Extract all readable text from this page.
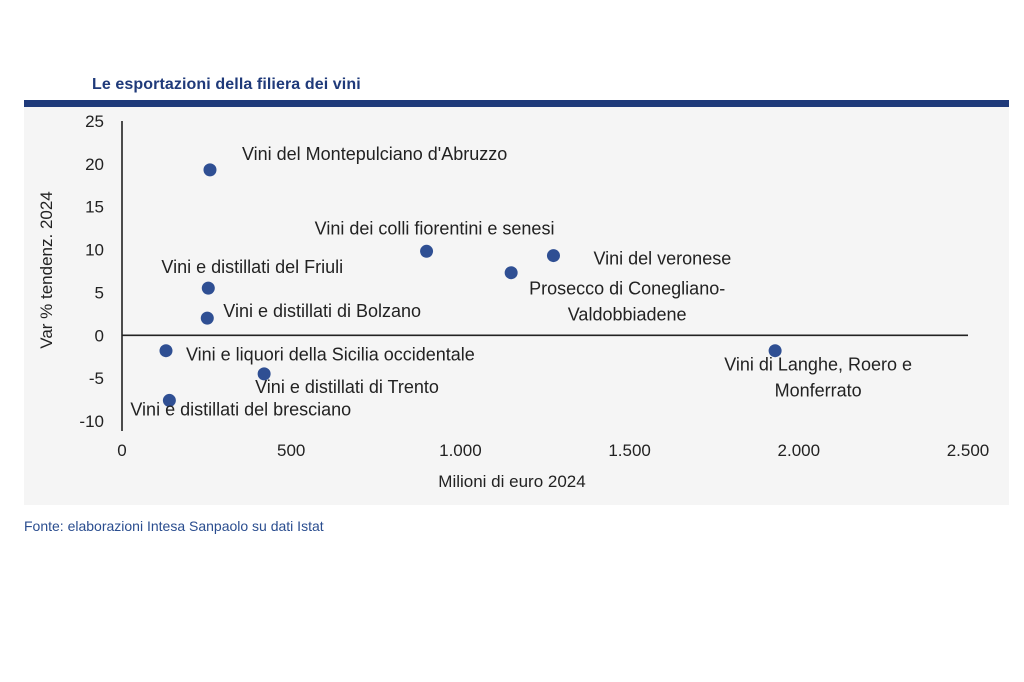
Le esportazioni della filiera dei vini
25
20
15
10
5
0
-5
-10
0	500	1.000	1.500	2.000	2.500
Vini del Montepulciano d'Abruzzo
Vini dei colli fiorentini e senesi
Vini del veronese
Prosecco di Conegliano-
Valdobbiadene
Vini e distillati del Friuli
Vini e distillati di Bolzano
Vini e liquori della Sicilia occidentale	Vini di Langhe, Roero e
Monferrato
Vini e distillati di Trento
Vini e distillati del bresciano
Var % tendenz. 2024
Milioni di euro 2024
Fonte: elaborazioni Intesa Sanpaolo su dati Istat
